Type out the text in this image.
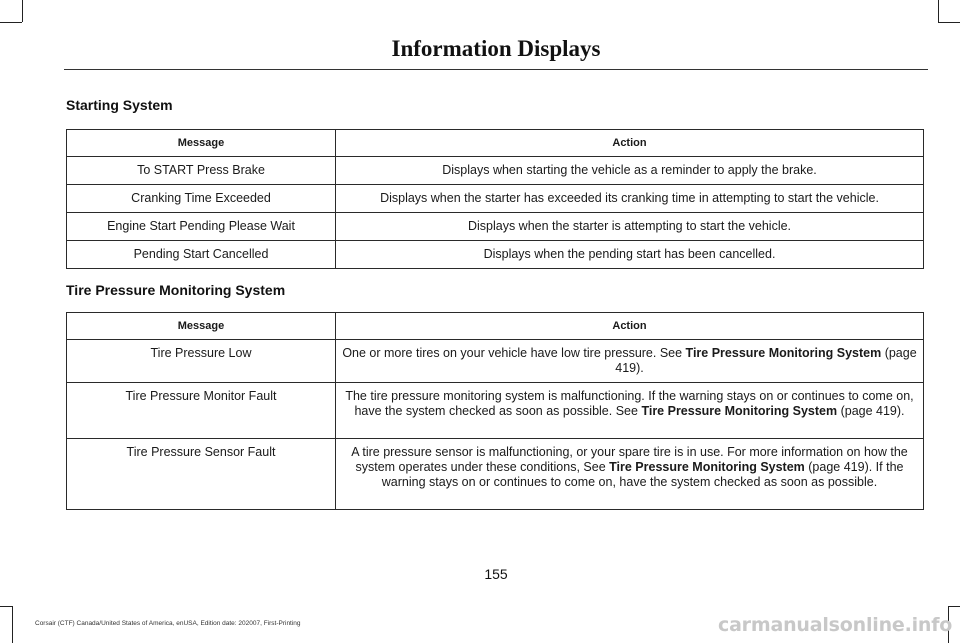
Information Displays
Starting System
Message	Action
To START Press Brake	Displays when starting the vehicle as a reminder to apply the brake.
Cranking Time Exceeded	Displays when the starter has exceeded its cranking time in attempting to start the vehicle.
Engine Start Pending Please Wait	Displays when the starter is attempting to start the vehicle.
Pending Start Cancelled	Displays when the pending start has been cancelled.
Tire Pressure Monitoring System
Message	Action
Tire Pressure Low	One or more tires on your vehicle have low tire pressure. See Tire Pressure Monitoring System (page 419).
Tire Pressure Monitor Fault	The tire pressure monitoring system is malfunctioning. If the warning stays on or continues to come on, have the system checked as soon as possible. See Tire Pressure Monitoring System (page 419).
Tire Pressure Sensor Fault	A tire pressure sensor is malfunctioning, or your spare tire is in use. For more information on how the system operates under these conditions, See Tire Pressure Monitoring System (page 419). If the warning stays on or continues to come on, have the system checked as soon as possible.
155
Corsair (CTF) Canada/United States of America, enUSA, Edition date: 202007, First-Printing	carmanualsonline.info
